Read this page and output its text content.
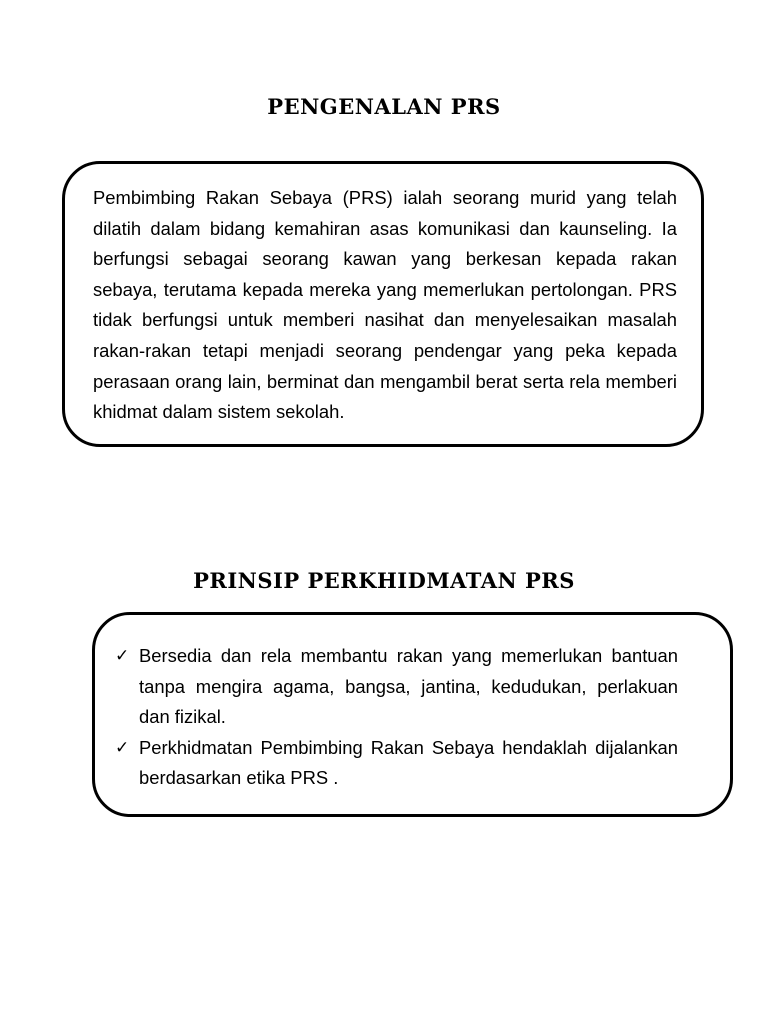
PENGENALAN PRS

Pembimbing Rakan Sebaya (PRS) ialah seorang murid yang telah dilatih dalam bidang kemahiran asas komunikasi dan kaunseling. Ia berfungsi sebagai seorang kawan yang berkesan kepada rakan sebaya, terutama kepada mereka yang memerlukan pertolongan. PRS tidak berfungsi untuk memberi nasihat dan menyelesaikan masalah rakan-rakan tetapi menjadi seorang pendengar yang peka kepada perasaan orang lain, berminat dan mengambil berat serta rela memberi khidmat dalam sistem sekolah.

PRINSIP PERKHIDMATAN PRS
✓ Bersedia dan rela membantu rakan yang memerlukan bantuan tanpa mengira agama, bangsa, jantina, kedudukan, perlakuan dan fizikal.
✓ Perkhidmatan Pembimbing Rakan Sebaya hendaklah dijalankan berdasarkan etika PRS .
